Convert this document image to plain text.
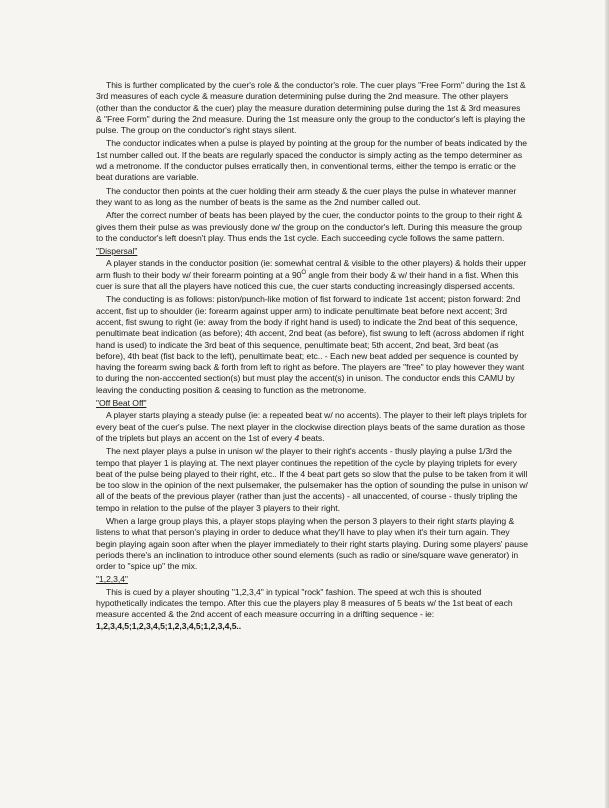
This is further complicated by the cuer's role & the conductor's role. The cuer plays "Free Form" during the 1st & 3rd measures of each cycle & measure duration determining pulse during the 2nd measure. The other players (other than the conductor & the cuer) play the measure duration determining pulse during the 1st & 3rd measures & "Free Form" during the 2nd measure. During the 1st measure only the group to the conductor's left is playing the pulse. The group on the conductor's right stays silent.

The conductor indicates when a pulse is played by pointing at the group for the number of beats indicated by the 1st number called out. If the beats are regularly spaced the conductor is simply acting as the tempo determiner as wd a metronome. If the conductor pulses erratically then, in conventional terms, either the tempo is erratic or the beat durations are variable.

The conductor then points at the cuer holding their arm steady & the cuer plays the pulse in whatever manner they want to as long as the number of beats is the same as the 2nd number called out.

After the correct number of beats has been played by the cuer, the conductor points to the group to their right & gives them their pulse as was previously done w/ the group on the conductor's left. During this measure the group to the conductor's left doesn't play. Thus ends the 1st cycle. Each succeeding cycle follows the same pattern.

"Dispersal"

A player stands in the conductor position (ie: somewhat central & visible to the other players) & holds their upper arm flush to their body w/ their forearm pointing at a $90^O$ angle from their body & w/ their hand in a fist. When this cuer is sure that all the players have noticed this cue, the cuer starts conducting increasingly dispersed accents.

The conducting is as follows: piston/punch-like motion of fist forward to indicate 1st accent; piston forward: 2nd accent, fist up to shoulder (ie: forearm against upper arm) to indicate penultimate beat before next accent; 3rd accent, fist swung to right (ie: away from the body if right hand is used) to indicate the 2nd beat of this sequence, penultimate beat indication (as before); 4th accent, 2nd beat (as before), fist swung to left (across abdomen if right hand is used) to indicate the 3rd beat of this sequence, penultimate beat; 5th accent, 2nd beat, 3rd beat (as before), 4th beat (fist back to the left), penultimate beat; etc.. - Each new beat added per sequence is counted by having the forearm swing back & forth from left to right as before. The players are "free" to play however they want to during the non-acccented section(s) but must play the accent(s) in unison. The conductor ends this CAMU by leaving the conducting position & ceasing to function as the metronome.

"Off Beat Off"

A player starts playing a steady pulse (ie: a repeated beat w/ no accents). The player to their left plays triplets for every beat of the cuer's pulse. The next player in the clockwise direction plays beats of the same duration as those of the triplets but plays an accent on the 1st of every 4 beats.

The next player plays a pulse in unison w/ the player to their right's accents - thusly playing a pulse 1/3rd the tempo that player 1 is playing at. The next player continues the repetition of the cycle by playing triplets for every beat of the pulse being played to their right, etc.. If the 4 beat part gets so slow that the pulse to be taken from it will be too slow in the opinion of the next pulsemaker, the pulsemaker has the option of sounding the pulse in unison w/ all of the beats of the previous player (rather than just the accents) - all unaccented, of course - thusly tripling the tempo in relation to the pulse of the player 3 players to their right.

When a large group plays this, a player stops playing when the person 3 players to their right starts playing & listens to what that person's playing in order to deduce what they'll have to play when it's their turn again. They begin playing again soon after when the player immediately to their right starts playing. During some players' pause periods there's an inclination to introduce other sound elements (such as radio or sine/square wave generator) in order to "spice up" the mix.

"1,2,3,4"

This is cued by a player shouting "1,2,3,4" in typical "rock" fashion. The speed at wch this is shouted hypothetically indicates the tempo. After this cue the players play 8 measures of 5 beats w/ the 1st beat of each measure accented & the 2nd accent of each measure occurring in a drifting sequence - ie: 1,2,3,4,5;1,2,3,4,5;1,2,3,4,5;1,2,3,4,5..
